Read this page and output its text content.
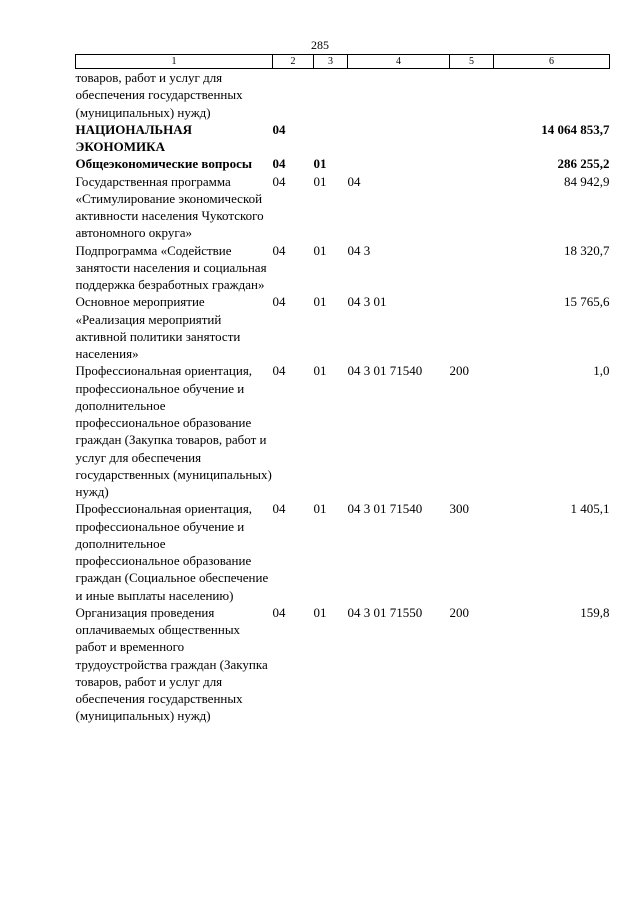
285
1	2	3	4	5	6
товаров, работ и услуг для обеспечения государственных (муниципальных) нужд)					
НАЦИОНАЛЬНАЯ ЭКОНОМИКА	04				14 064 853,7
Общеэкономические вопросы	04	01			286 255,2
Государственная программа «Стимулирование экономической активности населения Чукотского автономного округа»	04	01	04		84 942,9
Подпрограмма «Содействие занятости населения и социальная поддержка безработных граждан»	04	01	04 3		18 320,7
Основное мероприятие «Реализация мероприятий активной политики занятости населения»	04	01	04 3 01		15 765,6
Профессиональная ориентация, профессиональное обучение и дополнительное профессиональное образование граждан (Закупка товаров, работ и услуг для обеспечения государственных (муниципальных) нужд)	04	01	04 3 01 71540	200	1,0
Профессиональная ориентация, профессиональное обучение и дополнительное профессиональное образование граждан (Социальное обеспечение и иные выплаты населению)	04	01	04 3 01 71540	300	1 405,1
Организация проведения оплачиваемых общественных работ и временного трудоустройства граждан (Закупка товаров, работ и услуг для обеспечения государственных (муниципальных) нужд)	04	01	04 3 01 71550	200	159,8
